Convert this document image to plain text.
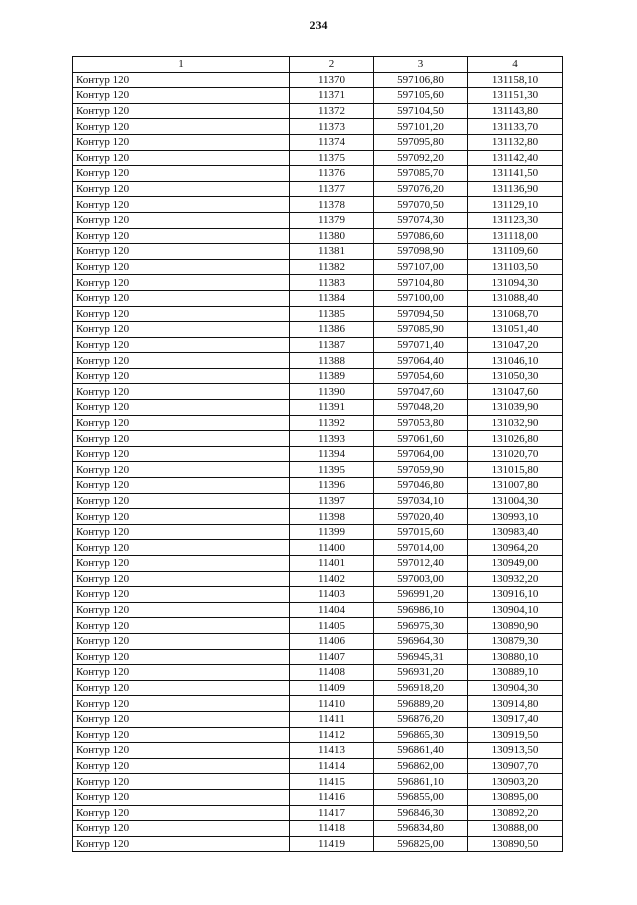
234
1	2	3	4
Контур 120	11370	597106,80	131158,10
Контур 120	11371	597105,60	131151,30
Контур 120	11372	597104,50	131143,80
Контур 120	11373	597101,20	131133,70
Контур 120	11374	597095,80	131132,80
Контур 120	11375	597092,20	131142,40
Контур 120	11376	597085,70	131141,50
Контур 120	11377	597076,20	131136,90
Контур 120	11378	597070,50	131129,10
Контур 120	11379	597074,30	131123,30
Контур 120	11380	597086,60	131118,00
Контур 120	11381	597098,90	131109,60
Контур 120	11382	597107,00	131103,50
Контур 120	11383	597104,80	131094,30
Контур 120	11384	597100,00	131088,40
Контур 120	11385	597094,50	131068,70
Контур 120	11386	597085,90	131051,40
Контур 120	11387	597071,40	131047,20
Контур 120	11388	597064,40	131046,10
Контур 120	11389	597054,60	131050,30
Контур 120	11390	597047,60	131047,60
Контур 120	11391	597048,20	131039,90
Контур 120	11392	597053,80	131032,90
Контур 120	11393	597061,60	131026,80
Контур 120	11394	597064,00	131020,70
Контур 120	11395	597059,90	131015,80
Контур 120	11396	597046,80	131007,80
Контур 120	11397	597034,10	131004,30
Контур 120	11398	597020,40	130993,10
Контур 120	11399	597015,60	130983,40
Контур 120	11400	597014,00	130964,20
Контур 120	11401	597012,40	130949,00
Контур 120	11402	597003,00	130932,20
Контур 120	11403	596991,20	130916,10
Контур 120	11404	596986,10	130904,10
Контур 120	11405	596975,30	130890,90
Контур 120	11406	596964,30	130879,30
Контур 120	11407	596945,31	130880,10
Контур 120	11408	596931,20	130889,10
Контур 120	11409	596918,20	130904,30
Контур 120	11410	596889,20	130914,80
Контур 120	11411	596876,20	130917,40
Контур 120	11412	596865,30	130919,50
Контур 120	11413	596861,40	130913,50
Контур 120	11414	596862,00	130907,70
Контур 120	11415	596861,10	130903,20
Контур 120	11416	596855,00	130895,00
Контур 120	11417	596846,30	130892,20
Контур 120	11418	596834,80	130888,00
Контур 120	11419	596825,00	130890,50
